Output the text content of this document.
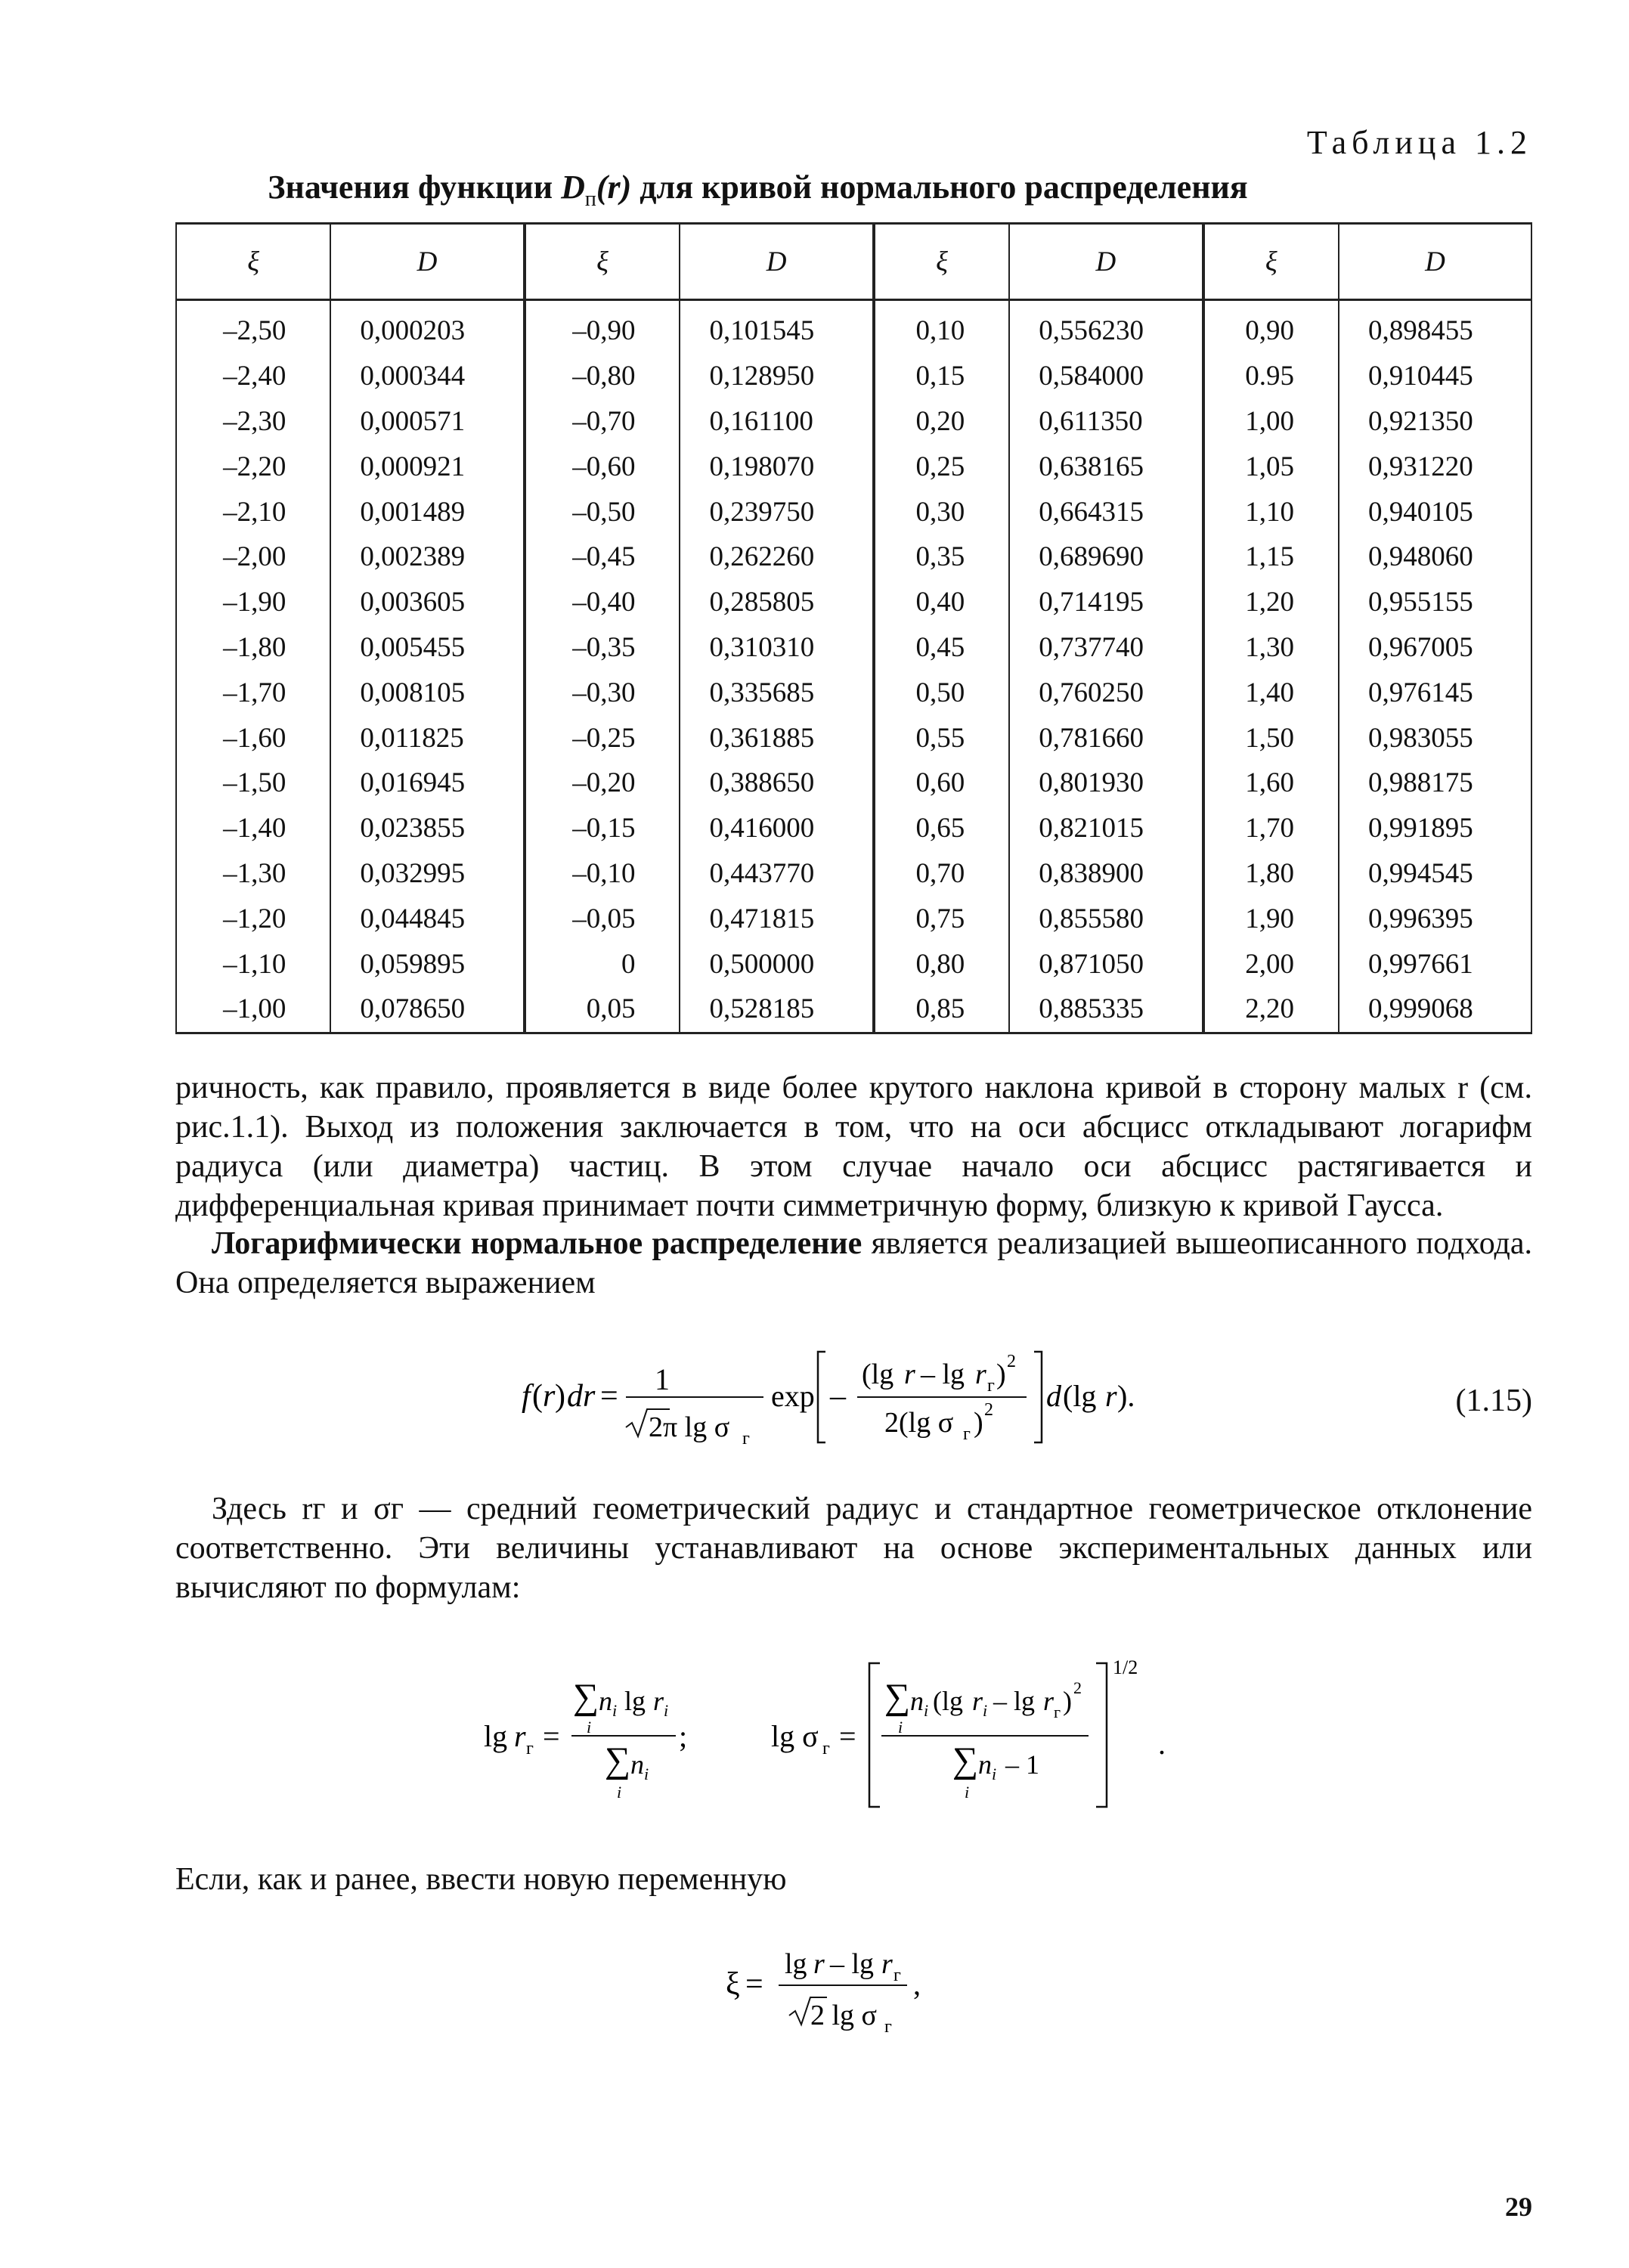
Таблица 1.2
Значения функции $D_п(r)$ для кривой нормального распределения
ξ	D	ξ	D	ξ	D	ξ	D
–2,50	0,000203	–0,90	0,101545	0,10	0,556230	0,90	0,898455
–2,40	0,000344	–0,80	0,128950	0,15	0,584000	0.95	0,910445
–2,30	0,000571	–0,70	0,161100	0,20	0,611350	1,00	0,921350
–2,20	0,000921	–0,60	0,198070	0,25	0,638165	1,05	0,931220
–2,10	0,001489	–0,50	0,239750	0,30	0,664315	1,10	0,940105
–2,00	0,002389	–0,45	0,262260	0,35	0,689690	1,15	0,948060
–1,90	0,003605	–0,40	0,285805	0,40	0,714195	1,20	0,955155
–1,80	0,005455	–0,35	0,310310	0,45	0,737740	1,30	0,967005
–1,70	0,008105	–0,30	0,335685	0,50	0,760250	1,40	0,976145
–1,60	0,011825	–0,25	0,361885	0,55	0,781660	1,50	0,983055
–1,50	0,016945	–0,20	0,388650	0,60	0,801930	1,60	0,988175
–1,40	0,023855	–0,15	0,416000	0,65	0,821015	1,70	0,991895
–1,30	0,032995	–0,10	0,443770	0,70	0,838900	1,80	0,994545
–1,20	0,044845	–0,05	0,471815	0,75	0,855580	1,90	0,996395
–1,10	0,059895	0	0,500000	0,80	0,871050	2,00	0,997661
–1,00	0,078650	0,05	0,528185	0,85	0,885335	2,20	0,999068
ричность, как правило, проявляется в виде более крутого наклона кривой в сторону малых r (см. рис.1.1). Выход из положения заключается в том, что на оси абсцисс откладывают логарифм радиуса (или диаметра) частиц. В этом случае начало оси абсцисс растягивается и дифференциальная кривая принимает почти симметричную форму, близкую к кривой Гаусса.
Логарифмически нормальное распределение является реализацией вышеописанного подхода. Она определяется выражением
f ( r ) dr = 1
2π lg σ г
exp –
(lg r – lg r г ) 2
2(lg σ г ) 2 d (lg r ).	(1.15)
Здесь rг и σг — средний геометрический радиус и стандартное геометрическое отклонение соответственно. Эти величины устанавливают на основе экспериментальных данных или вычисляют по формулам:
lg r г =
∑ n i lg r i
i
∑ n i
i
;	lg σ г =
∑ n i (lg r i – lg r г ) 2
i
∑ n i – 1
i
1/2
.
Если, как и ранее, ввести новую переменную
ξ =
lg r – lg r г
2 lg σ г
,
29
